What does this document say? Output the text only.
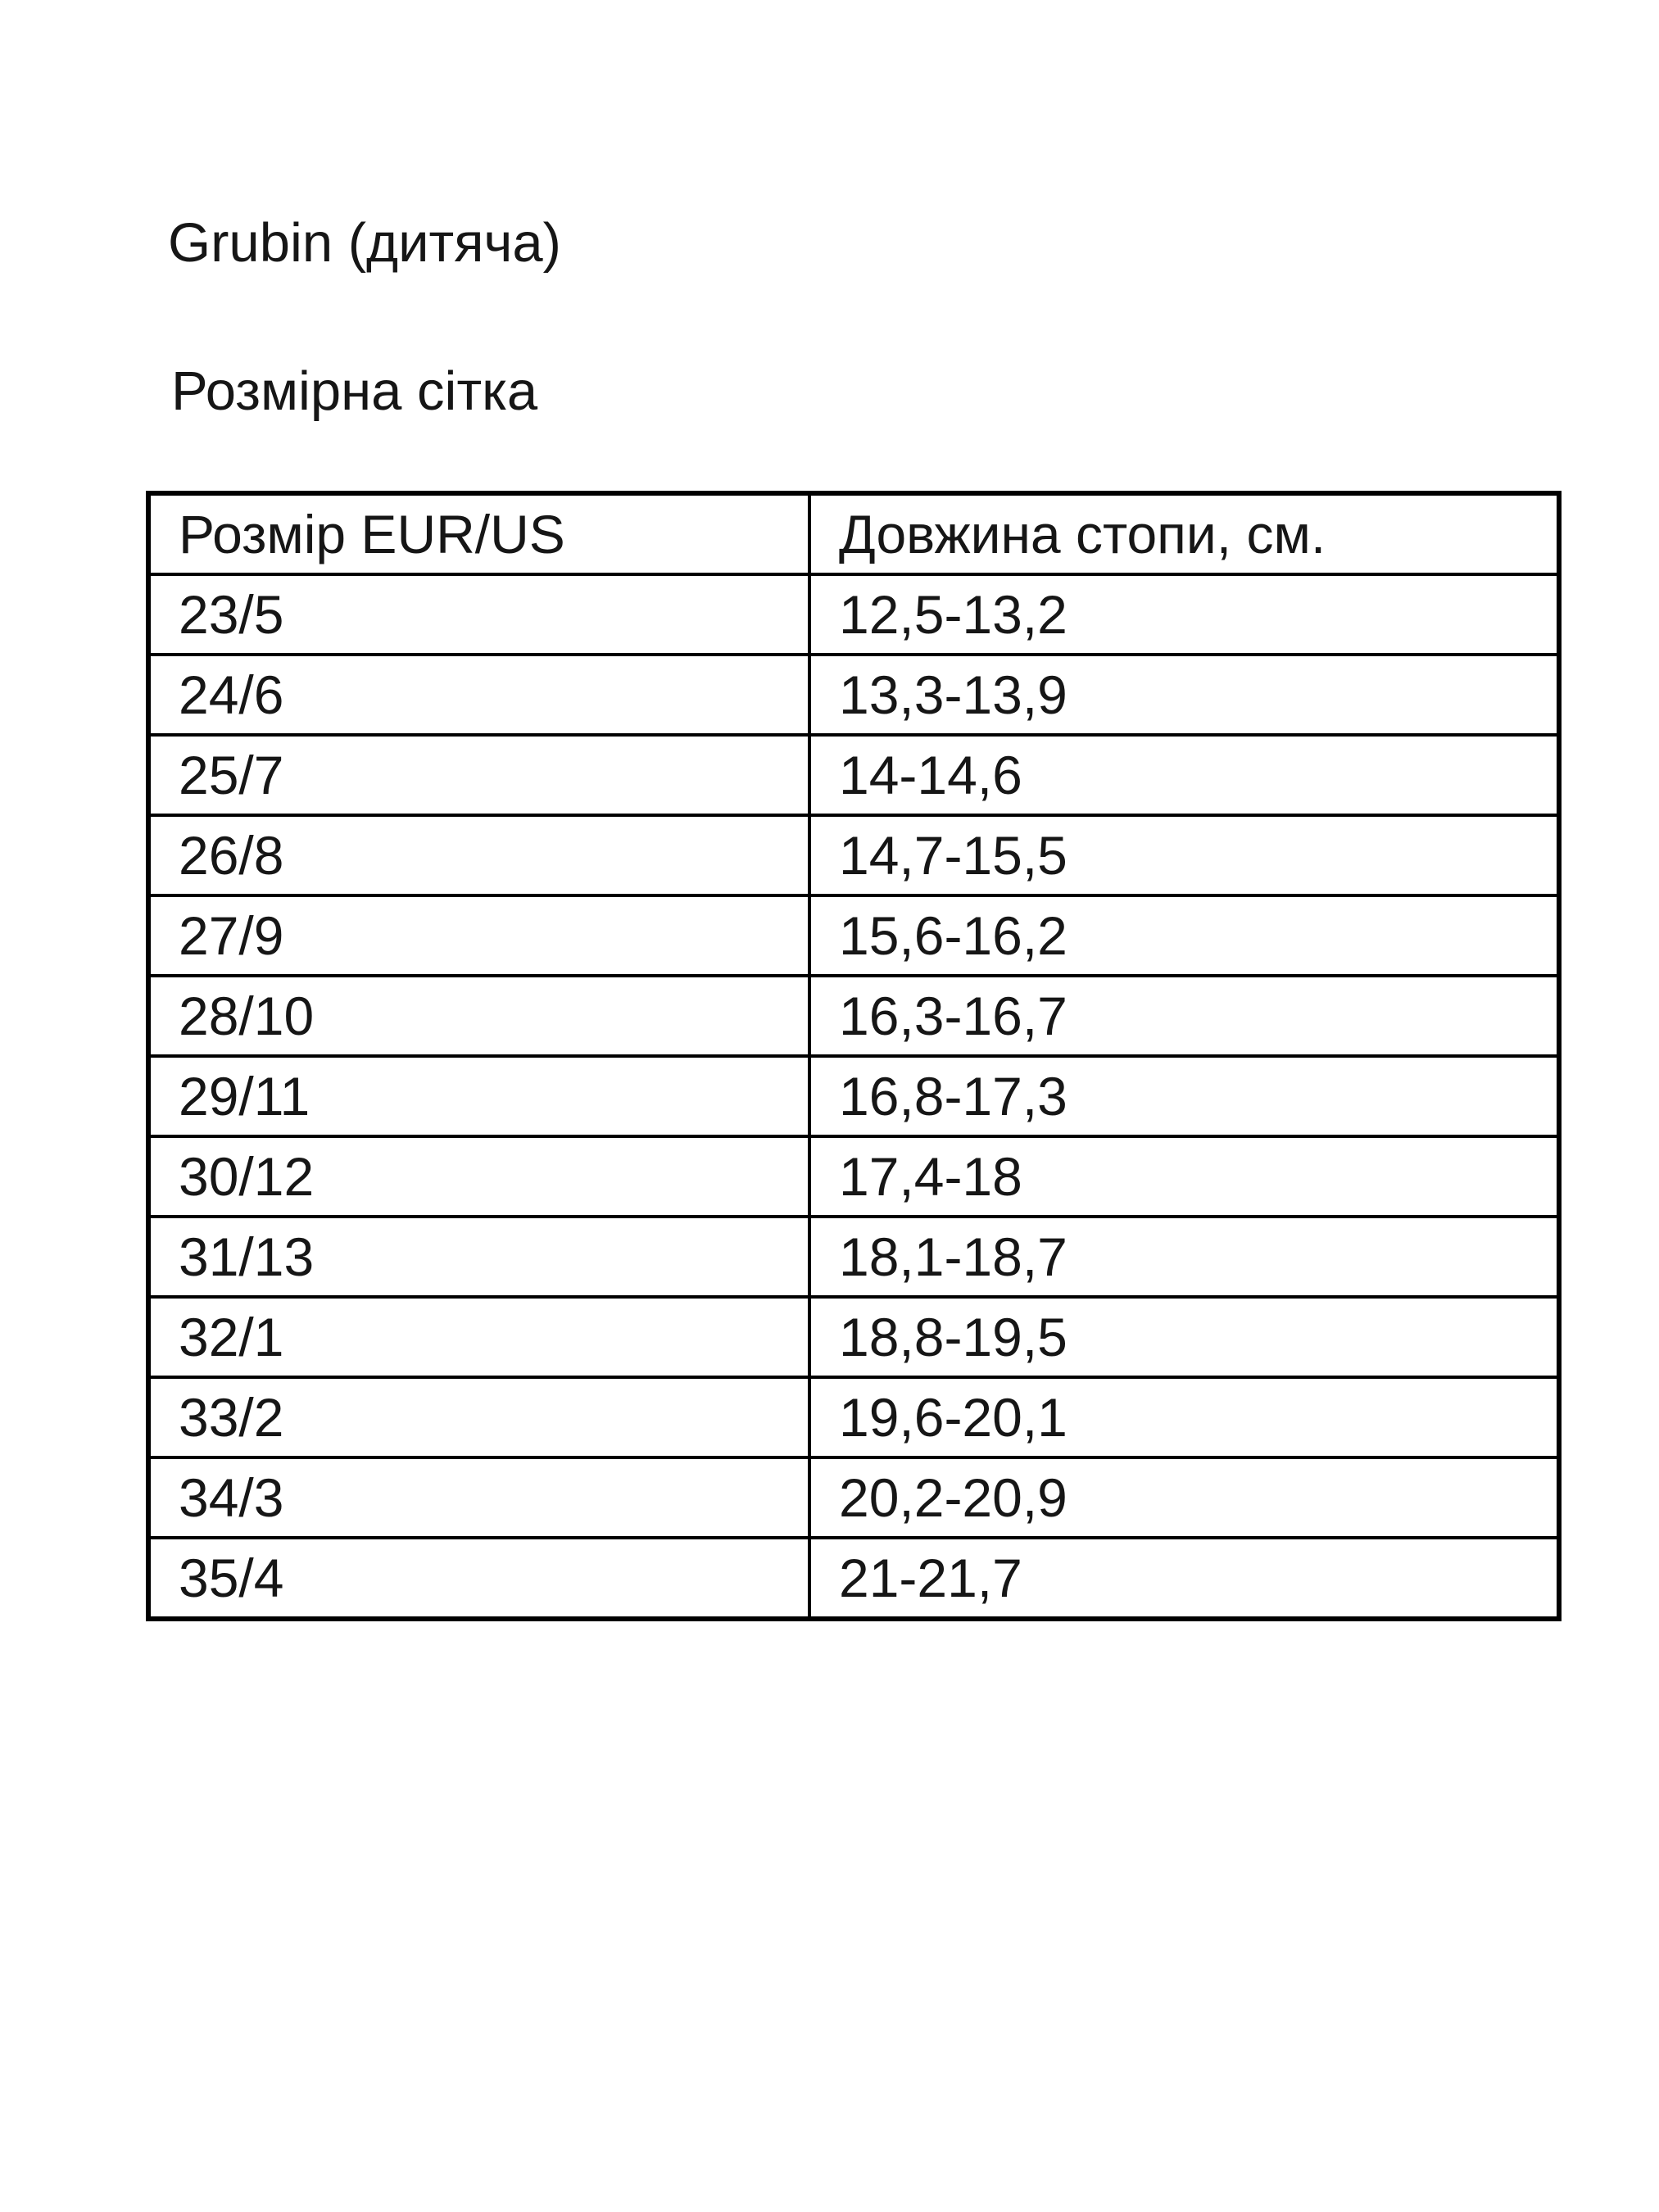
Grubin (дитяча)
Розмірна сітка
Розмір EUR/US	Довжина стопи, см.
23/5	12,5-13,2
24/6	13,3-13,9
25/7	14-14,6
26/8	14,7-15,5
27/9	15,6-16,2
28/10	16,3-16,7
29/11	16,8-17,3
30/12	17,4-18
31/13	18,1-18,7
32/1	18,8-19,5
33/2	19,6-20,1
34/3	20,2-20,9
35/4	21-21,7
